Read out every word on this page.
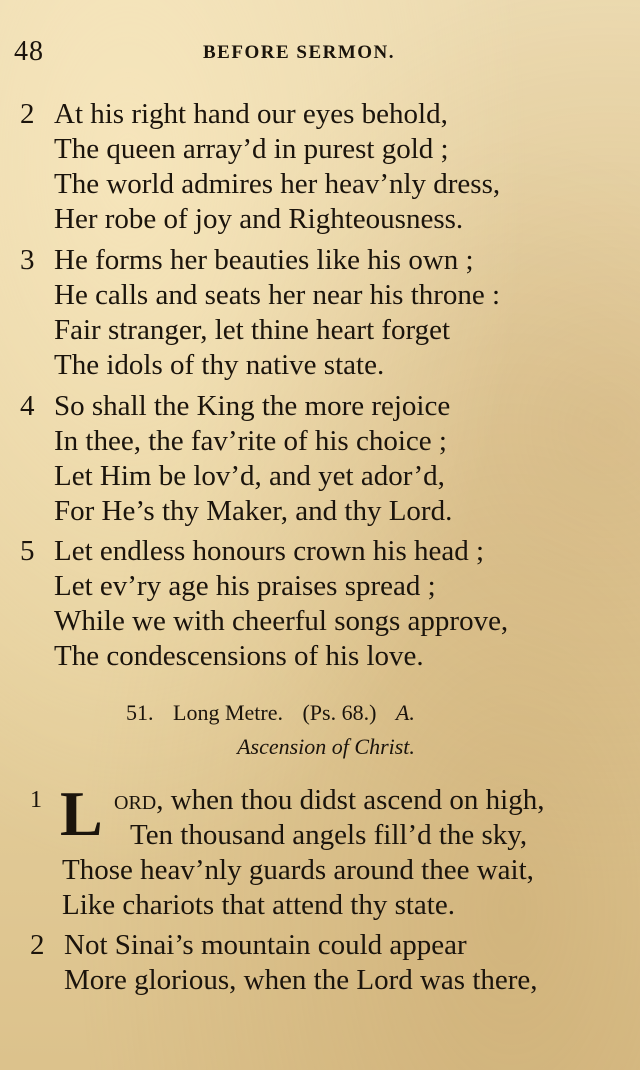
48	BEFORE SERMON.
2 At his right hand our eyes behold,
The queen array’d in purest gold ;
The world admires her heav’nly dress,
Her robe of joy and Righteousness.
3 He forms her beauties like his own ;
He calls and seats her near his throne :
Fair stranger, let thine heart forget
The idols of thy native state.
4 So shall the King the more rejoice
In thee, the fav’rite of his choice ;
Let Him be lov’d, and yet ador’d,
For He’s thy Maker, and thy Lord.
5 Let endless honours crown his head ;
Let ev’ry age his praises spread ;
While we with cheerful songs approve,
The condescensions of his love.
51. Long Metre. (Ps. 68.) A.
Ascension of Christ.
1 ord, when thou didst ascend on high,
Ten thousand angels fill’d the sky,
Those heav’nly guards around thee wait,
Like chariots that attend thy state.
L
2 Not Sinai’s mountain could appear
More glorious, when the Lord was there,
